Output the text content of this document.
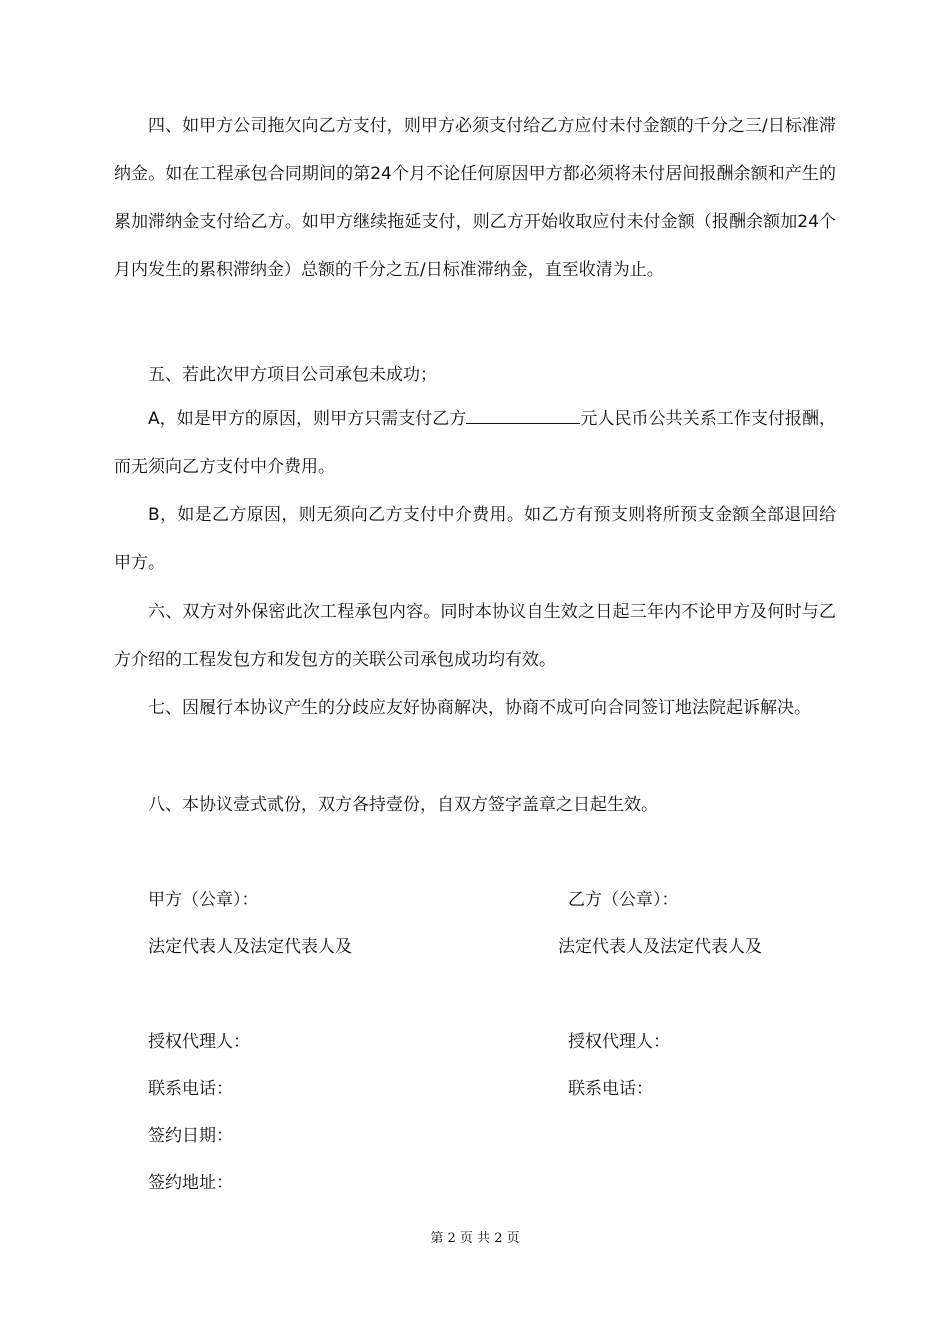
四、如甲方公司拖欠向乙方支付，则甲方必须支付给乙方应付未付金额的千分之三/日标准滞纳金。如在工程承包合同期间的第24个月不论任何原因甲方都必须将未付居间报酬余额和产生的累加滞纳金支付给乙方。如甲方继续拖延支付，则乙方开始收取应付未付金额（报酬余额加24个月内发生的累积滞纳金）总额的千分之五/日标准滞纳金，直至收清为止。

五、若此次甲方项目公司承包未成功；

A，如是甲方的原因，则甲方只需支付乙方	元人民币公共关系工作支付报酬，而无须向乙方支付中介费用。

B，如是乙方原因，则无须向乙方支付中介费用。如乙方有预支则将所预支金额全部退回给甲方。

六、双方对外保密此次工程承包内容。同时本协议自生效之日起三年内不论甲方及何时与乙方介绍的工程发包方和发包方的关联公司承包成功均有效。

七、因履行本协议产生的分歧应友好协商解决，协商不成可向合同签订地法院起诉解决。

八、本协议壹式贰份，双方各持壹份，自双方签字盖章之日起生效。

甲方（公章）：	乙方（公章）：
法定代表人及法定代表人及	法定代表人及法定代表人及
授权代理人：	授权代理人：
联系电话：	联系电话：
签约日期：
签约地址：
第 2 页 共 2 页
